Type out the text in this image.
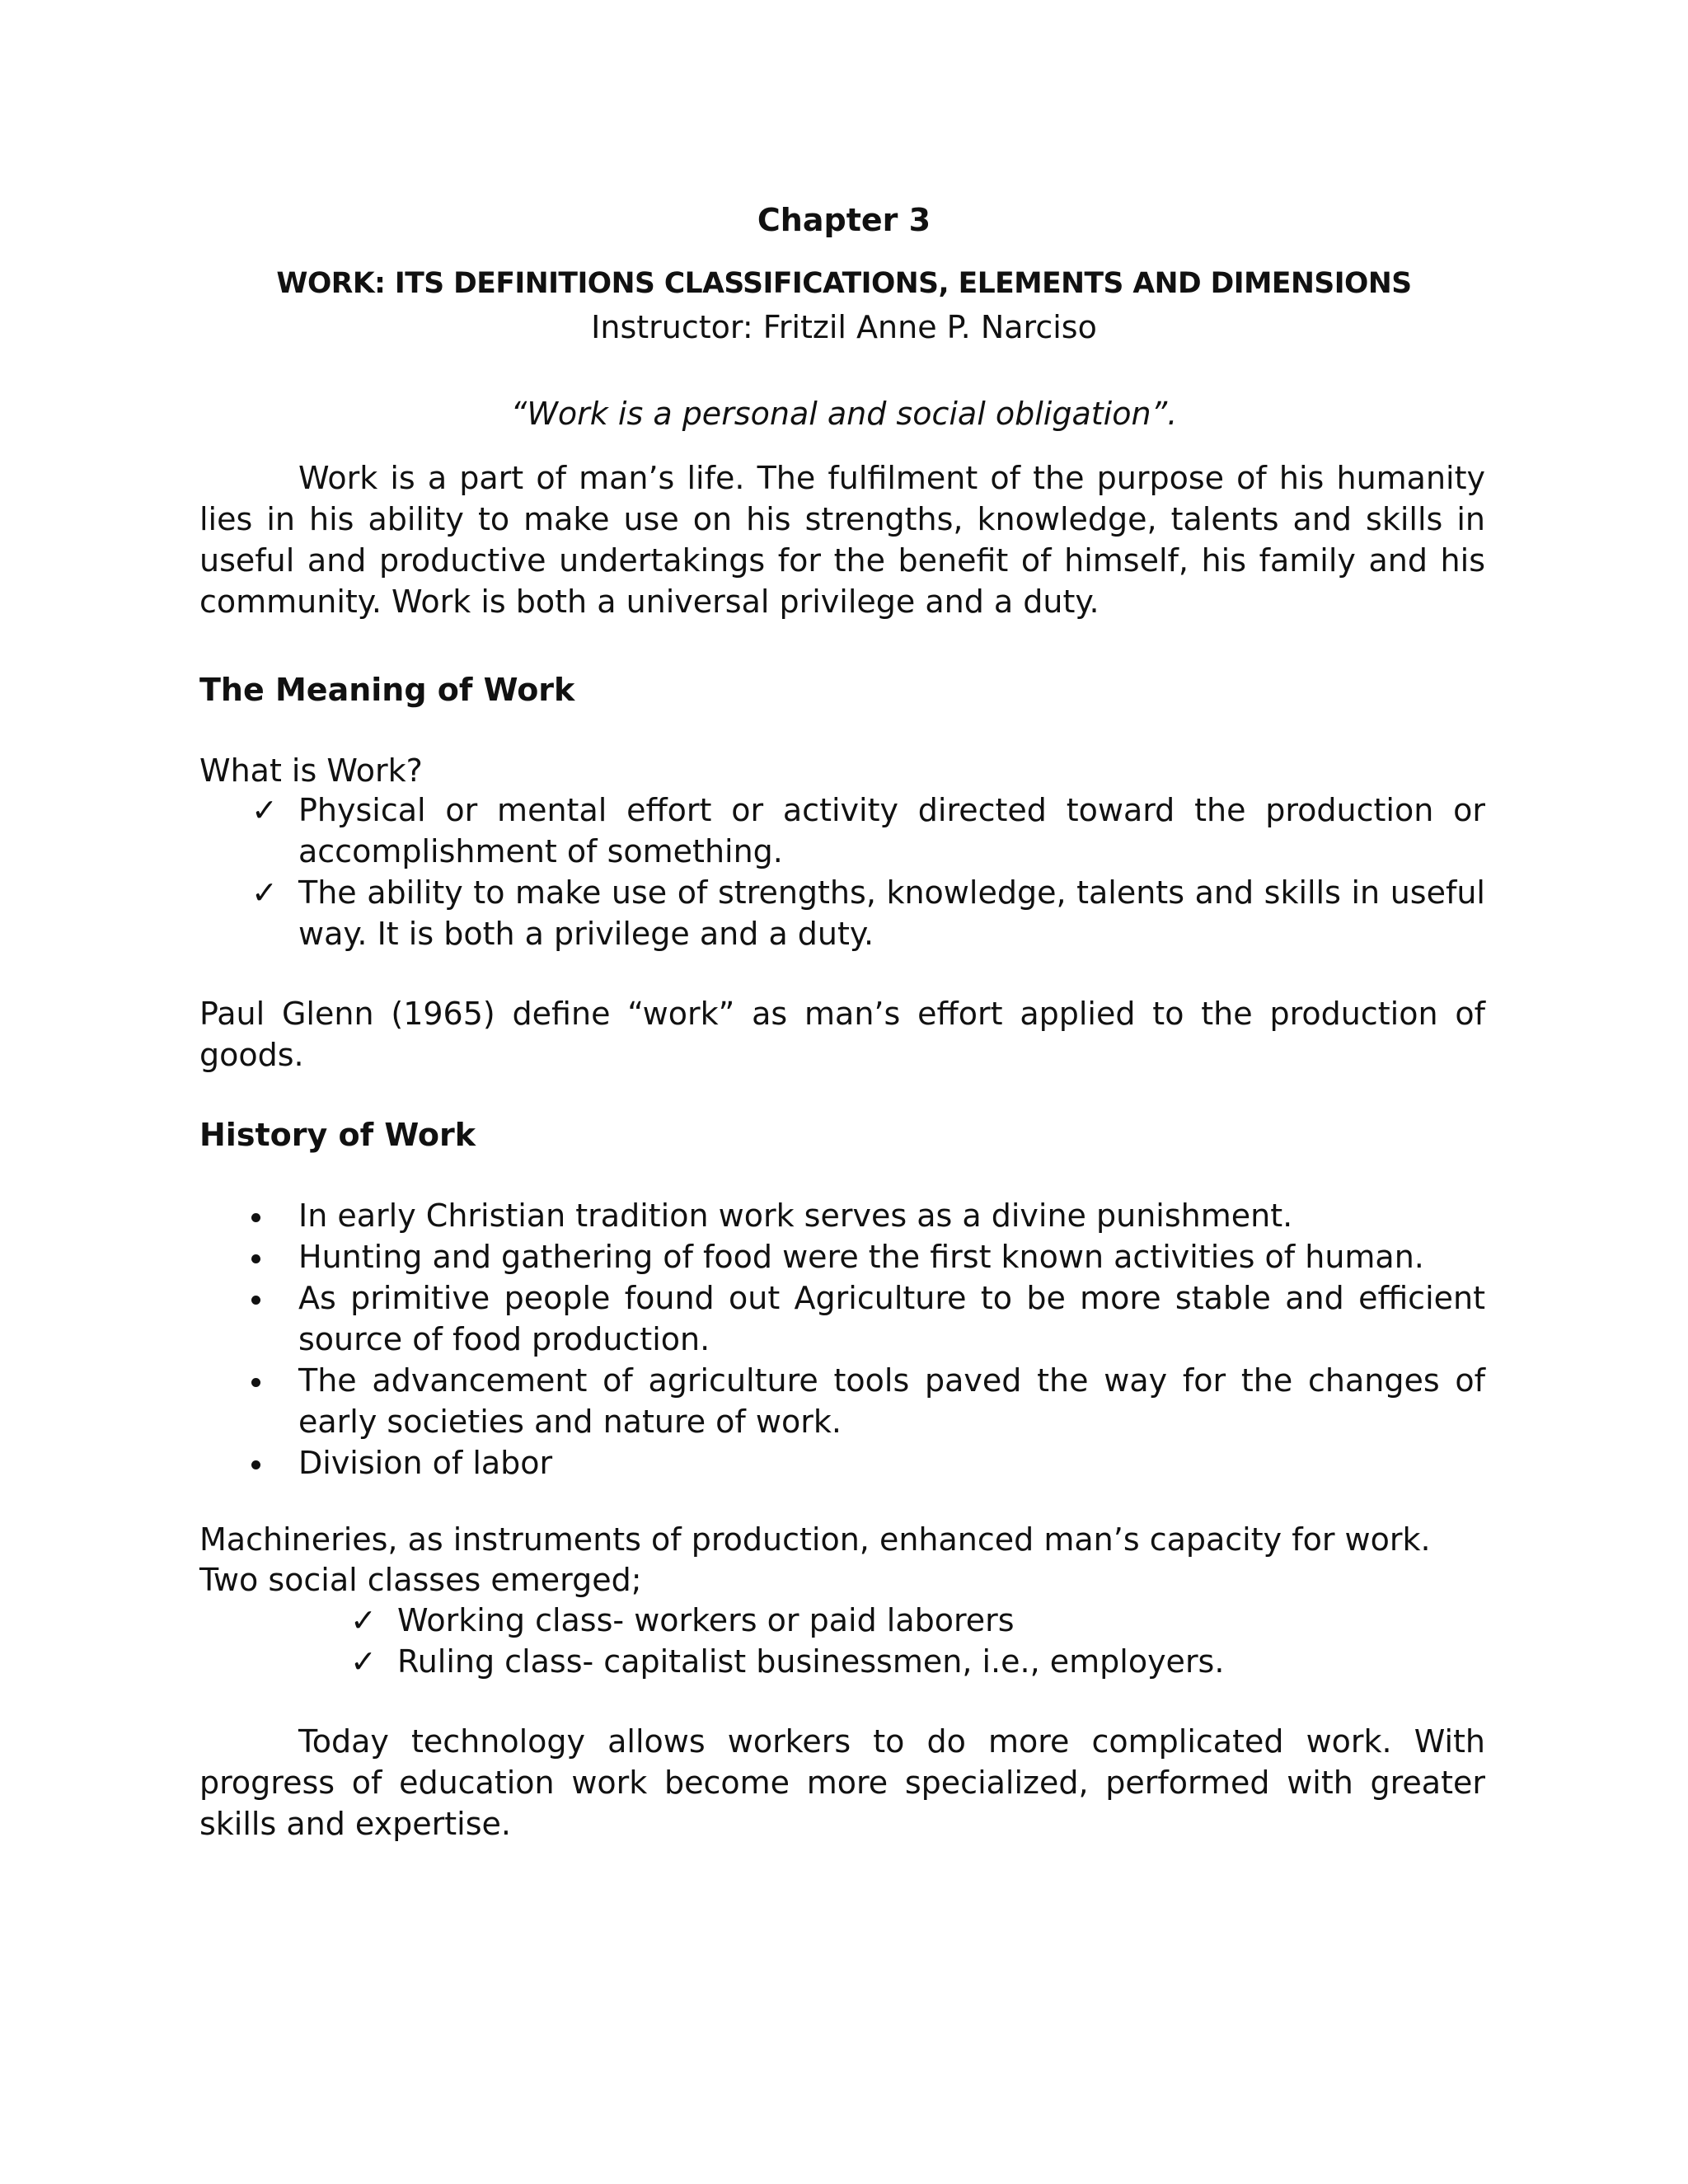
Chapter 3

WORK: ITS DEFINITIONS CLASSIFICATIONS, ELEMENTS AND DIMENSIONS

Instructor: Fritzil Anne P. Narciso

“Work is a personal and social obligation”.

Work is a part of man’s life. The fulfilment of the purpose of his humanity lies in his ability to make use on his strengths, knowledge, talents and skills in useful and productive undertakings for the benefit of himself, his family and his community. Work is both a universal privilege and a duty.

The Meaning of Work

What is Work?

✓ Physical or mental effort or activity directed toward the production or accomplishment of something.
✓ The ability to make use of strengths, knowledge, talents and skills in useful way. It is both a privilege and a duty.

Paul Glenn (1965) define “work” as man’s effort applied to the production of goods.

History of Work

In early Christian tradition work serves as a divine punishment.
Hunting and gathering of food were the first known activities of human.
As primitive people found out Agriculture to be more stable and efficient source of food production.
The advancement of agriculture tools paved the way for the changes of early societies and nature of work.
Division of labor

Machineries, as instruments of production, enhanced man’s capacity for work.

Two social classes emerged;

✓ Working class- workers or paid laborers
✓ Ruling class- capitalist businessmen, i.e., employers.

Today technology allows workers to do more complicated work. With progress of education work become more specialized, performed with greater skills and expertise.
